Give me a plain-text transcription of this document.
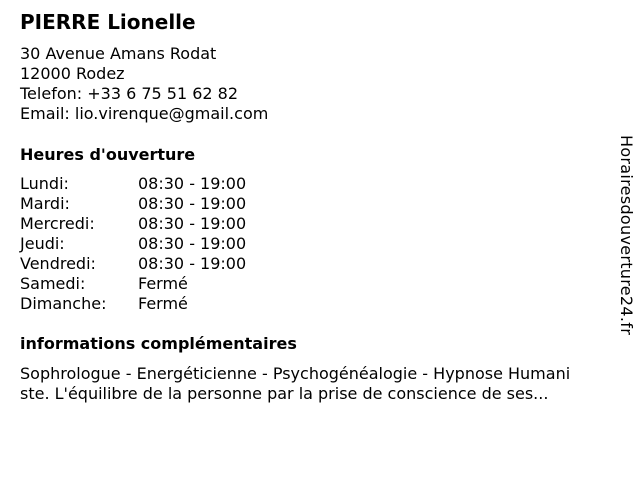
PIERRE Lionelle
30 Avenue Amans Rodat
12000 Rodez
Telefon: +33 6 75 51 62 82
Email: lio.virenque@gmail.com
Heures d'ouverture
Lundi:	08:30 - 19:00
Mardi:	08:30 - 19:00
Mercredi:	08:30 - 19:00
Jeudi:	08:30 - 19:00
Vendredi:	08:30 - 19:00
Samedi:	Fermé
Dimanche: Fermé
informations complémentaires
Sophrologue - Energéticienne - Psychogénéalogie - Hypnose Humani
ste. L'équilibre de la personne par la prise de conscience de ses...
Horairesdouverture24.fr
